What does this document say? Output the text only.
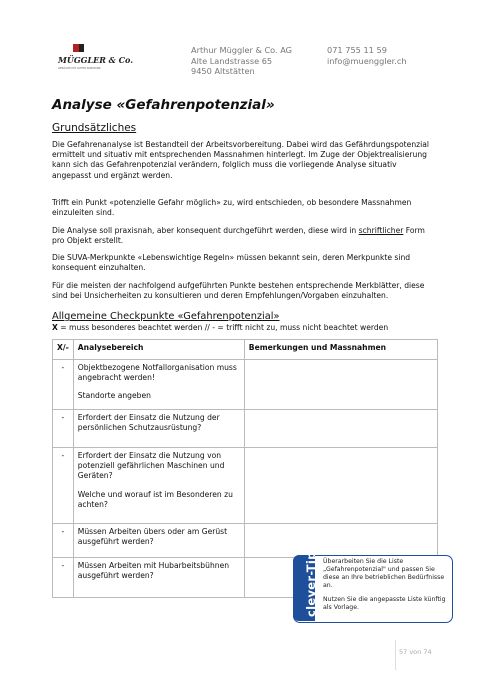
MÜGGLER & Co.
GEBÄUDE MIT GUTER SUBSTANZ
Arthur Müggler & Co. AG
Alte Landstrasse 65
9450 Altstätten
071 755 11 59
info@muenggler.ch
Analyse «Gefahrenpotenzial»
Grundsätzliches

Die Gefahrenanalyse ist Bestandteil der Arbeitsvorbereitung. Dabei wird das Gefährdungspotenzial ermittelt und situativ mit entsprechenden Massnahmen hinterlegt. Im Zuge der Objektrealisierung kann sich das Gefahrenpotenzial verändern, folglich muss die vorliegende Analyse situativ angepasst und ergänzt werden.

Trifft ein Punkt «potenzielle Gefahr möglich» zu, wird entschieden, ob besondere Massnahmen einzuleiten sind.

Die Analyse soll praxisnah, aber konsequent durchgeführt werden, diese wird in schriftlicher Form pro Objekt erstellt.

Die SUVA-Merkpunkte «Lebenswichtige Regeln» müssen bekannt sein, deren Merkpunkte sind konsequent einzuhalten.

Für die meisten der nachfolgend aufgeführten Punkte bestehen entsprechende Merkblätter, diese sind bei Unsicherheiten zu konsultieren und deren Empfehlungen/Vorgaben einzuhalten.

Allgemeine Checkpunkte «Gefahrenpotenzial»
X = muss besonderes beachtet werden // - = trifft nicht zu, muss nicht beachtet werden
X/-	Analysebereich	Bemerkungen und Massnahmen
-	Objektbezogene Notfallorganisation muss angebracht werden!

Standorte angeben	

-	Erfordert der Einsatz die Nutzung der persönlichen Schutzausrüstung?	

-	Erfordert der Einsatz die Nutzung von potenziell gefährlichen Maschinen und Geräten?

Welche und worauf ist im Besonderen zu achten?	

-	Müssen Arbeiten übers oder am Gerüst ausgeführt werden?	

-	Müssen Arbeiten mit Hubarbeitsbühnen ausgeführt werden?	

		clever-Tip Überarbeiten Sie die Liste „Gefahrenpotenzial" und passen Sie diese an Ihre betrieblichen Bedürfnisse an.

Nutzen Sie die angepasste Liste künftig als Vorlage.

57 von 74
